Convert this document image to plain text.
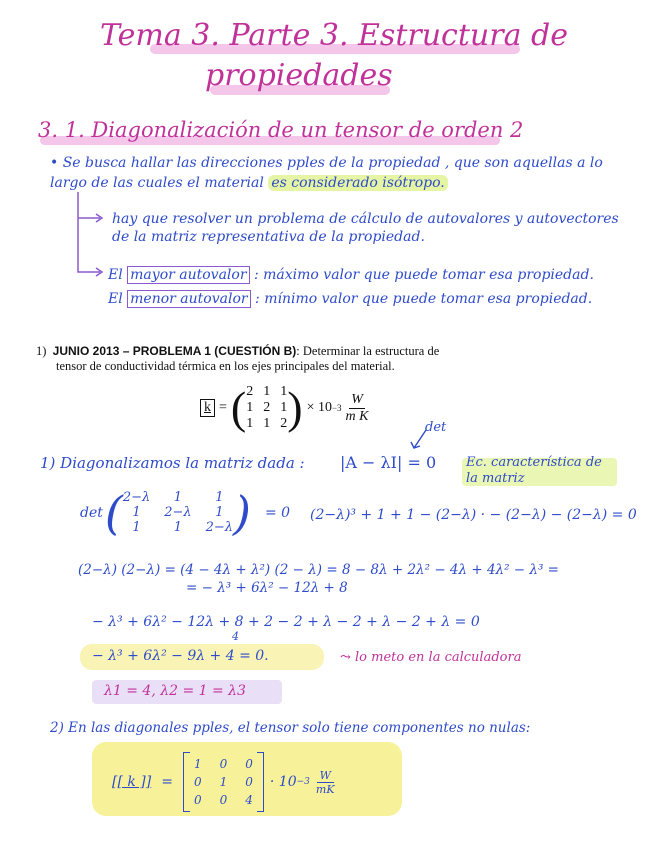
Tema 3. Parte 3. Estructura de
propiedades
3. 1. Diagonalización de un tensor de orden 2
• Se busca hallar las direcciones pples de la propiedad , que son aquellas a lo
largo de las cuales el material es considerado isótropo.
hay que resolver un problema de cálculo de autovalores y autovectores
de la matriz representativa de la propiedad.
El mayor autovalor : máximo valor que puede tomar esa propiedad.
El menor autovalor : mínimo valor que puede tomar esa propiedad.
1) JUNIO 2013 – PROBLEMA 1 (CUESTIÓN B): Determinar la estructura de
tensor de conductividad térmica en los ejes principales del material.
k = ( 2 1 1
1 2 1
1 1 2 ) × $10 -3 \frac{W}{\text{m K}}$
det
1) Diagonalizamos la matriz dada : |A − λI| = 0 Ec. característica de
la matriz
det ( 2−λ	1	1
1	2−λ	1
1	1	2−λ ) = 0 (2−λ)³ + 1 + 1 − (2−λ) · − (2−λ) − (2−λ) = 0
(2−λ) (2−λ) = (4 − 4λ + λ²) (2 − λ) = 8 − 8λ + 2λ² − 4λ + 4λ² − λ³ =
= − λ³ + 6λ² − 12λ + 8
− λ³ + 6λ² − 12λ + 8 + 2 − 2 + λ − 2 + λ − 2 + λ = 0
4
− λ³ + 6λ² − 9λ + 4 = 0.	⤳ lo meto en la calculadora
λ1 = 4, λ2 = 1 = λ3
2) En las diagonales pples, el tensor solo tiene componentes no nulas:
[[ k ]] =
1 0 0
0 1 0
0 0 4
· $10 -3 \frac{W}{mK}$
